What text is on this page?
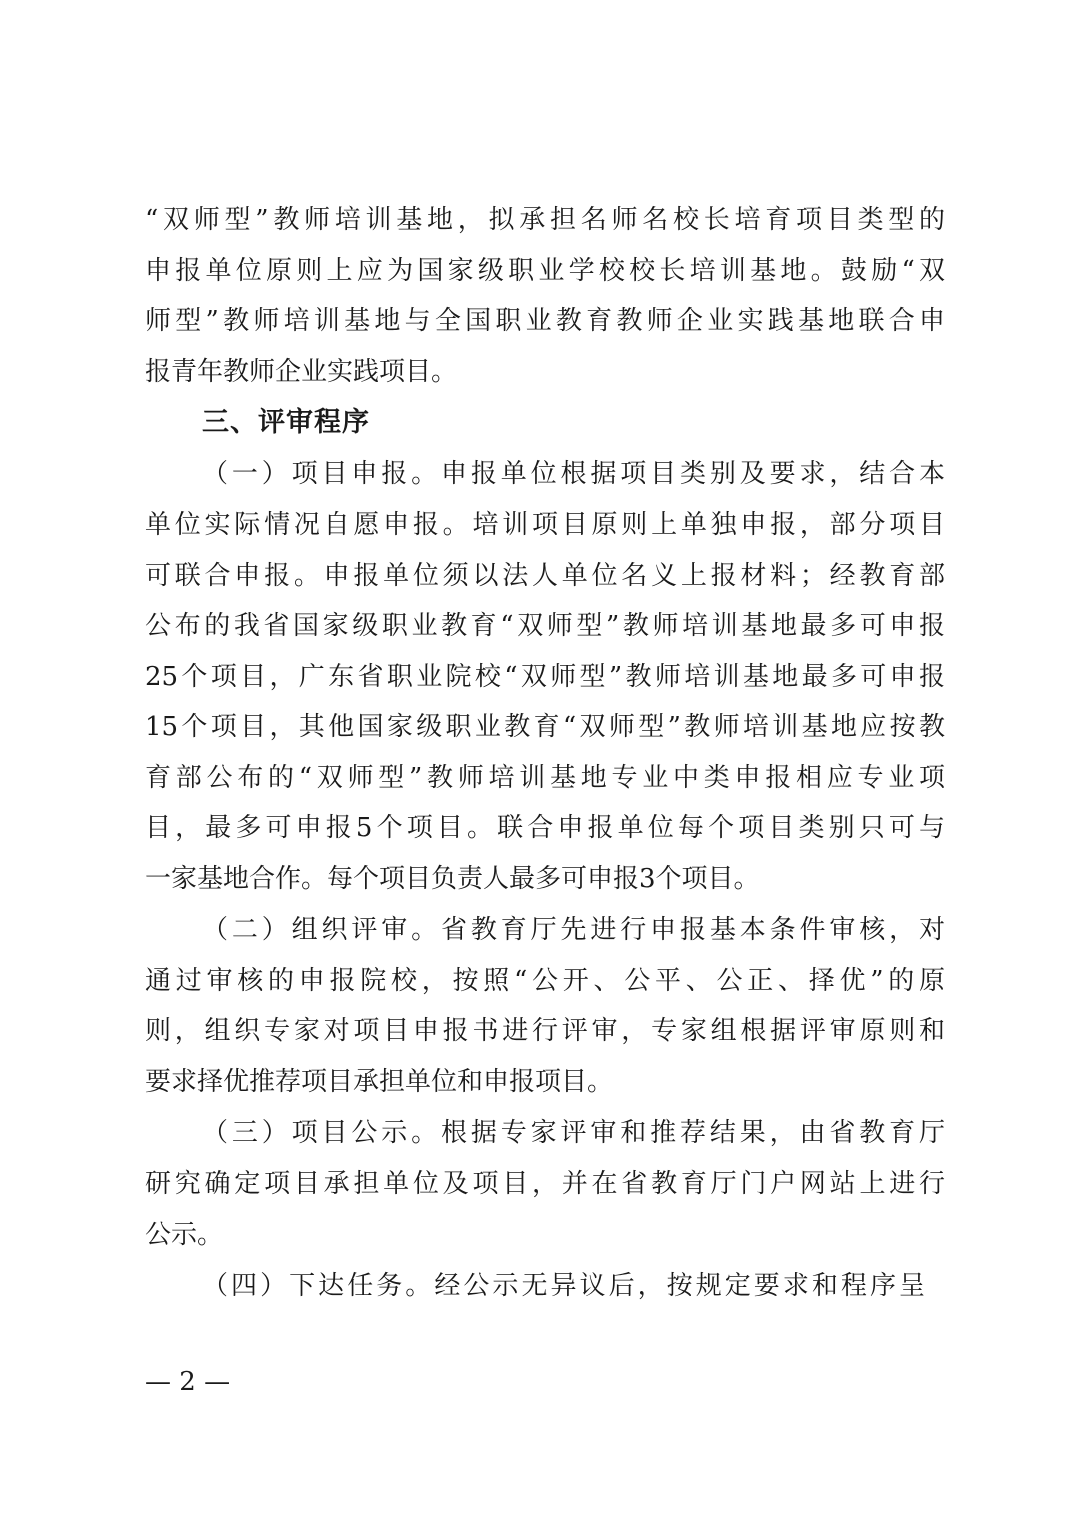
“双师型”教师培训基地，拟承担名师名校长培育项目类型的
申报单位原则上应为国家级职业学校校长培训基地。鼓励“双
师型”教师培训基地与全国职业教育教师企业实践基地联合申
报青年教师企业实践项目。
三、评审程序
（一）项目申报。申报单位根据项目类别及要求，结合本
单位实际情况自愿申报。培训项目原则上单独申报，部分项目
可联合申报。申报单位须以法人单位名义上报材料；经教育部
公布的我省国家级职业教育“双师型”教师培训基地最多可申报
25个项目，广东省职业院校“双师型”教师培训基地最多可申报
15个项目，其他国家级职业教育“双师型”教师培训基地应按教
育部公布的“双师型”教师培训基地专业中类申报相应专业项
目，最多可申报5个项目。联合申报单位每个项目类别只可与
一家基地合作。每个项目负责人最多可申报3个项目。
（二）组织评审。省教育厅先进行申报基本条件审核，对
通过审核的申报院校，按照“公开、公平、公正、择优”的原
则，组织专家对项目申报书进行评审，专家组根据评审原则和
要求择优推荐项目承担单位和申报项目。
（三）项目公示。根据专家评审和推荐结果，由省教育厅
研究确定项目承担单位及项目，并在省教育厅门户网站上进行
公示。
（四）下达任务。经公示无异议后，按规定要求和程序呈
— 2 —
